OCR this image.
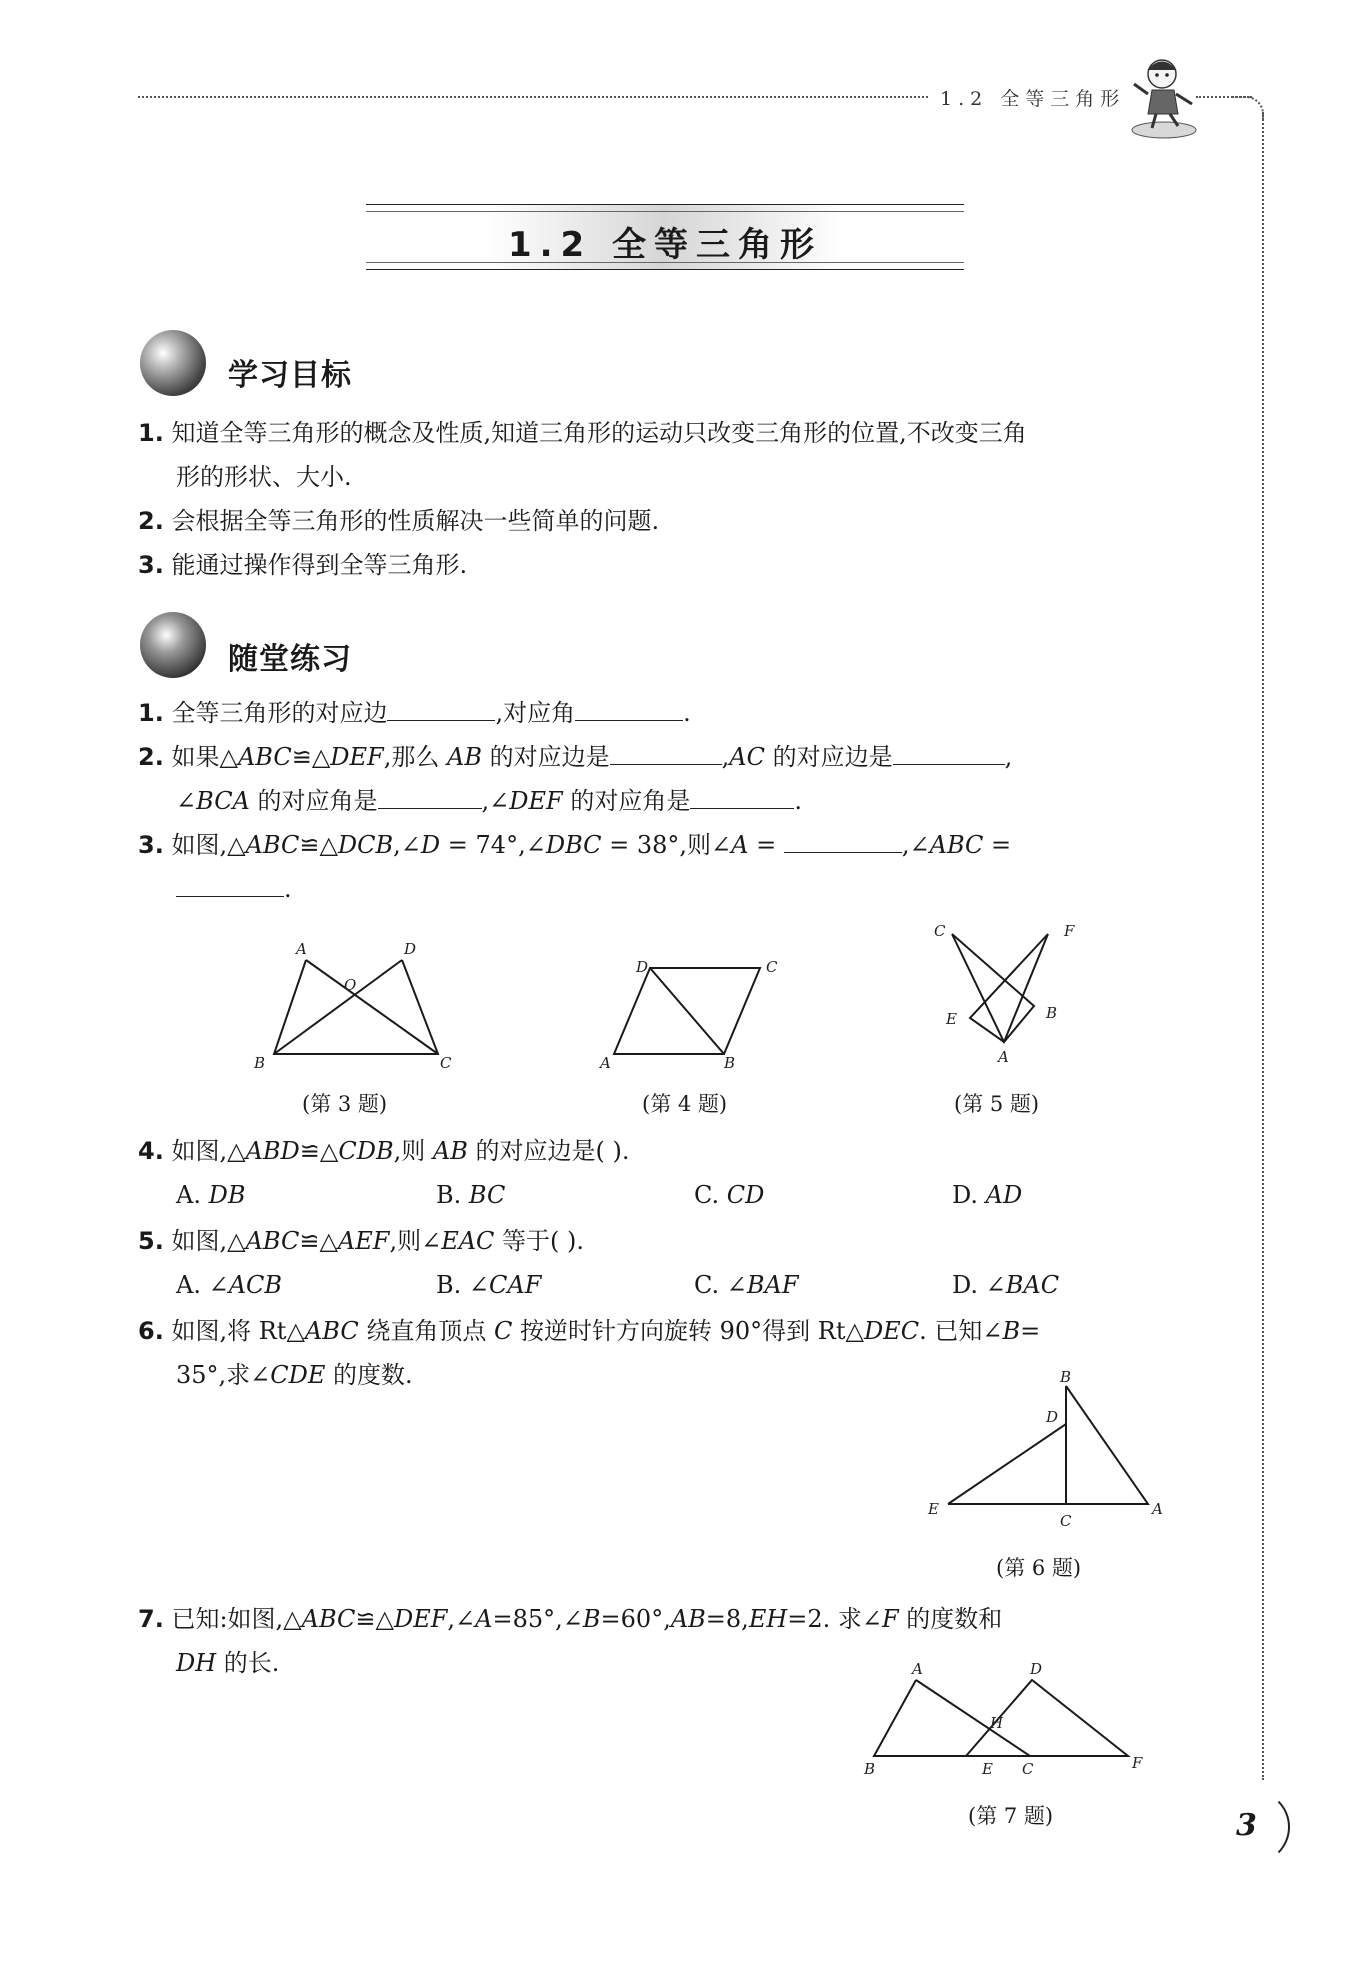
1.2 全等三角形
1.2 全等三角形
学习目标
1. 知道全等三角形的概念及性质,知道三角形的运动只改变三角形的位置,不改变三角
形的形状、大小.
2. 会根据全等三角形的性质解决一些简单的问题.
3. 能通过操作得到全等三角形.
随堂练习
1. 全等三角形的对应边	,对应角	.
2. 如果△ABC≌△DEF,那么 AB 的对应边是	,AC 的对应边是	,
∠BCA 的对应角是	,∠DEF 的对应角是	.
3. 如图,△ABC≌△DCB,∠D = 74°,∠DBC = 38°,则∠A =	,∠ABC =
.
A	D
O
B	C
(第 3 题)
D	C
A	B
(第 4 题)
C	F
E	B
A
(第 5 题)
4. 如图,△ABD≌△CDB,则 AB 的对应边是( ).
A. DB	B. BC	C. CD	D. AD
5. 如图,△ABC≌△AEF,则∠EAC 等于( ).
A. ∠ACB	B. ∠CAF	C. ∠BAF	D. ∠BAC
6. 如图,将 Rt△ABC 绕直角顶点 C 按逆时针方向旋转 90°得到 Rt△DEC. 已知∠B=
35°,求∠CDE 的度数.	B
D
E
C
A
(第 6 题)
7. 已知:如图,△ABC≌△DEF,∠A=85°,∠B=60°,AB=8,EH=2. 求∠F 的度数和
DH 的长.	A	D
H
B	E C	F
(第 7 题)	3
